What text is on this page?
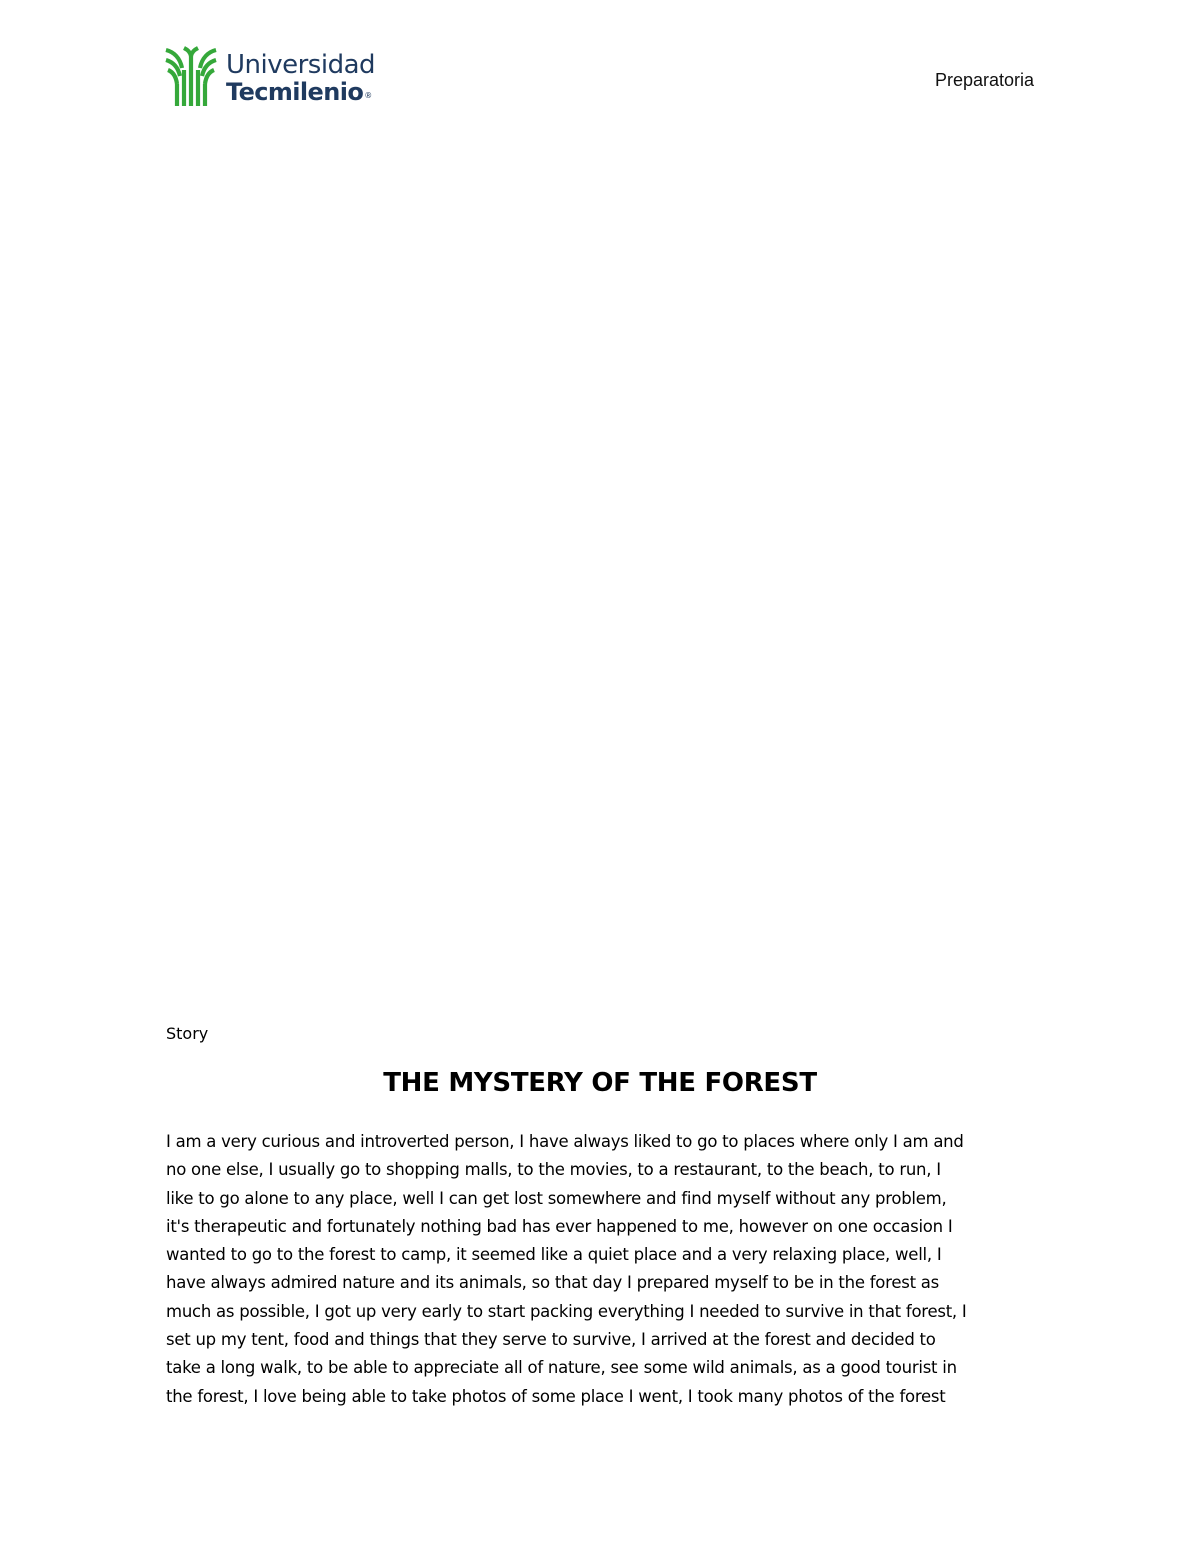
Universidad
Tecmilenio®
Preparatoria
Story
THE MYSTERY OF THE FOREST
I am a very curious and introverted person, I have always liked to go to places where only I am and
no one else, I usually go to shopping malls, to the movies, to a restaurant, to the beach, to run, I
like to go alone to any place, well I can get lost somewhere and find myself without any problem,
it's therapeutic and fortunately nothing bad has ever happened to me, however on one occasion I
wanted to go to the forest to camp, it seemed like a quiet place and a very relaxing place, well, I
have always admired nature and its animals, so that day I prepared myself to be in the forest as
much as possible, I got up very early to start packing everything I needed to survive in that forest, I
set up my tent, food and things that they serve to survive, I arrived at the forest and decided to
take a long walk, to be able to appreciate all of nature, see some wild animals, as a good tourist in
the forest, I love being able to take photos of some place I went, I took many photos of the forest
